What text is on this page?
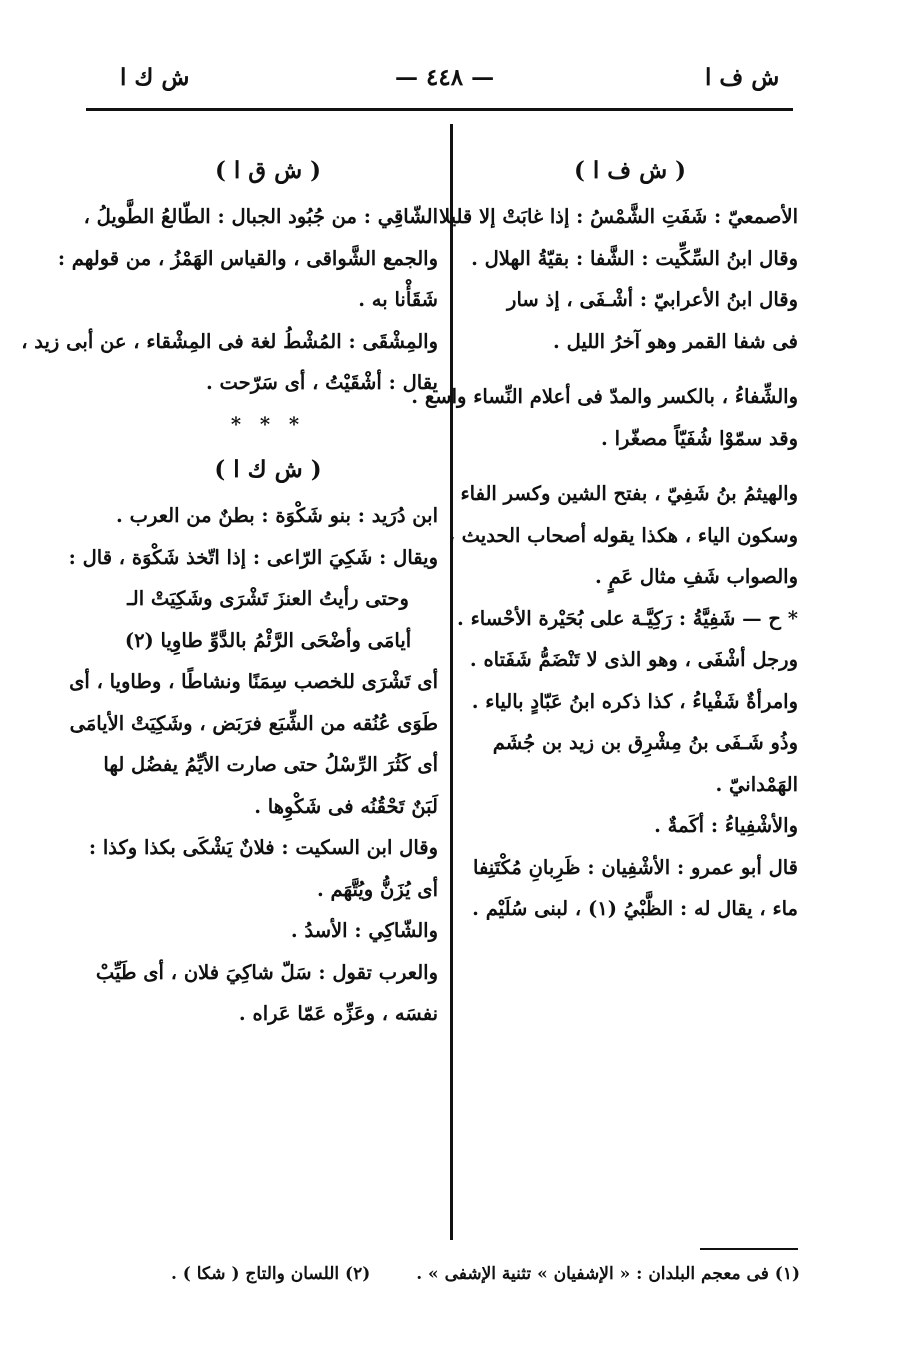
ش ك ا	— ٤٤٨ —	ش ف ا
( ش ف ا )
الأصمعيّ : شَفَتِ الشَّمْسُ : إذا غابَتْ إلا قليلا .
وقال ابنُ السِّكِّيت : الشَّفا : بقيّةُ الهلال .
وقال ابنُ الأعرابيّ : أشْـفَى ، إذ سار
فى شفا القمر وهو آخرُ الليل .
والشِّفاءُ ، بالكسر والمدّ فى أعلام النِّساء واسع .
وقد سمّوْا شُفَيّاً مصغّرا .
والهيثمُ بنُ شَفِيّ ، بفتح الشين وكسر الفاء
وسكون الياء ، هكذا يقوله أصحاب الحديث ،
والصواب شَفِ مثال عَمٍ .
* ح — شَفِيَّةُ : رَكِيَّـة على بُحَيْرة الأحْساء .
ورجل أشْفَى ، وهو الذى لا تَنْضَمُّ شَفَتاه .
وامرأةٌ شَفْياءُ ، كذا ذكره ابنُ عَبّادٍ بالياء .
وذُو شَـفَى بنُ مِشْرِق بن زيد بن جُشَم
الهَمْدانيّ .
والأشْفِياءُ : أكَمةٌ .
قال أبو عمرو : الأشْفِيان : ظَرِبانِ مُكْتَنِفا
ماء ، يقال له : الظَّبْيُ (١) ، لبنى سُلَيْم .
( ش ق ا )
الشّاقِي : من جُبُود الجبال : الطّالعُ الطَّويلُ ،
والجمع الشَّواقى ، والقياس الهَمْزُ ، من قولهم :
شَقَأْنا به .
والمِشْقَى : المُشْطُ لغة فى المِشْقاء ، عن أبى زيد ،
يقال : أشْقَيْتُ ، أى سَرّحت .
* * *
( ش ك ا )
ابن دُرَيد : بنو شَكْوَة : بطنٌ من العرب .
ويقال : شَكِيَ الرّاعى : إذا اتّخذ شَكْوَة ، قال :
وحتى رأيتُ العنزَ تَشْرَى وشَكِيَتْ الـ
أيامَى وأضْحَى الرَّئْمُ بالدَّوِّ طاوِيا (٢)
أى تَشْرَى للخصب سِمَنًا ونشاطًا ، وطاويا ، أى
طَوَى عُنُقه من الشِّبَع فرَبَض ، وشَكِيَتْ الأيامَى
أى كَثُرَ الرِّسْلُ حتى صارت الأيِّمُ يفضُل لها
لَبَنٌ تَحْقُنُه فى شَكْوِها .
وقال ابن السكيت : فلانٌ يَشْكَى بكذا وكذا :
أى يُزَنُّ ويُتَّهَم .
والشّاكِي : الأسدُ .
والعرب تقول : سَلّ شاكِيَ فلان ، أى طَيِّبْ
نفسَه ، وعَزِّه عَمّا عَراه .
(١) فى معجم البلدان : « الإشفيان » تثنية الإشفى » . (٢) اللسان والتاج ( شكا ) .
